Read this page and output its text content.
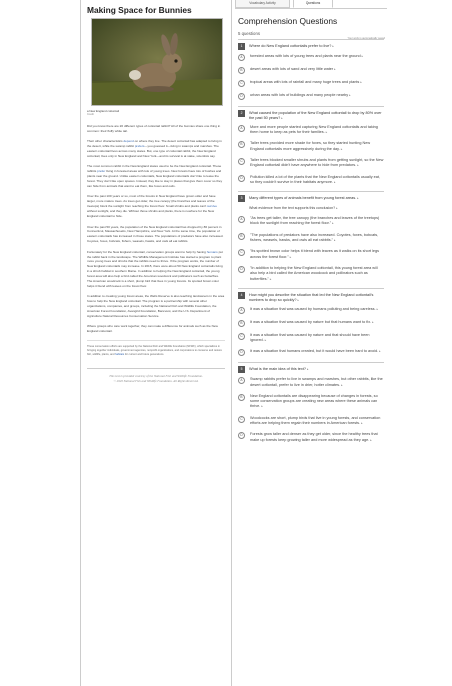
Making Space for Bunnies
a New England cottontail
Credit

Did you know there are 20 different types of cottontail rabbit? All of the bunnies share one thing in common: their fluffy white tail.

Their other characteristics depend on where they live. The desert cottontail has adapted to living in the desert, while the swamp rabbit prefers—you guessed it—living in swamps and marshes. The eastern cottontail lives across many states. But, one type of cottontail rabbit, the New England cottontail, lives only in New England and New York—and its survival is at stake, scientists say.

The most common rabbit in the New England states used to be the New England cottontail. These rabbits prefer living in forested areas with lots of young trees. New forests have lots of bushes and plants near the ground. Unlike eastern cottontails, New England cottontails don't like to leave the forest. They don't like open spaces. Instead, they like to stay in places that give them cover so they can hide from animals that want to eat them, like foxes and owls.

Over the past 100 years or so, most of the forests in New England have grown older and have larger, more mature trees. As trees get older, the tree canopy (the branches and leaves of the treetops) block the sunlight from reaching the forest floor. Small shrubs and plants can't survive without sunlight, and they die. Without those shrubs and plants, there is nowhere for the New England cottontail to hide.

Over the past 50 years, the population of the New England cottontail has dropped by 86 percent in Connecticut, Massachusetts, New Hampshire, and New York. At the same time, the population of eastern cottontails has increased in those states. The populations of predators have also increased. Coyotes, foxes, bobcats, fishers, weasels, hawks, and owls all eat rabbits.

Fortunately for the New England cottontail, conservation groups want to help by having humans put the rabbit back in the landscape. The Wildlife Management Institute has started a program to plant more young trees and shrubs that the rabbits need to thrive. If the program works, the number of New England cottontails may increase. In 2015, there were about 50 New England cottontails living in a shrub habitat in southern Maine. In addition to helping the New England cottontail, the young forest area will also help a bird called the American woodcock and pollinators such as butterflies. The American woodcock is a short, plump bird that lives in young forests. Its spotted brown color helps it blend with leaves on the forest floor.

In addition to creating young forest areas, the Wells Reserve is also teaching landowners in the area how to help the New England cottontail. The program is a partnership with several other organizations, companies, and groups, including the National Fish and Wildlife Foundation, the American Forest Foundation, Avangrid Foundation, Bancvest, and the U.S. Department of Agriculture Natural Resources Conservation Service.

Where groups who care work together, they can make a difference for animals such as the New England cottontail.

These conservation efforts are supported by the National Fish and Wildlife Foundation (NFWF), which specializes in bringing together individuals, government agencies, nonprofit organizations, and corporations to conserve and restore fish, wildlife, plants, and habitats for current and future generations.

This text is provided courtesy of the National Fish and Wildlife Foundation.
© 2020 National Fish and Wildlife Foundation. All Rights Reserved.
Vocabulary Activity	Questions
Comprehension Questions
5 questions
Your work is automatically saved
1	Where do New England cottontails prefer to live?▸
A	forested areas with lots of young trees and plants near the ground▸
B	desert areas with lots of sand and very little water▸
C	tropical areas with lots of rainfall and many huge trees and plants▸
D	urban areas with lots of buildings and many people nearby▸
2	What caused the population of the New England cottontail to drop by 80% over the past 50 years?▸
A	More and more people started capturing New England cottontails and taking them home to keep as pets for their families.▸
B	Taller trees provided more shade for foxes, so they started hunting New England cottontails more aggressively during the day.▸
C	Taller trees blocked smaller shrubs and plants from getting sunlight, so the New England cottontail didn't have anywhere to hide from predators.▸
D	Pollution killed a lot of the plants that the New England cottontails usually eat, so they couldn't survive in their habitats anymore.▸
3	Many different types of animals benefit from young forest areas.▸
What evidence from the text supports this conclusion?▸
A	"As trees get taller, the tree canopy (the branches and leaves of the treetops) block the sunlight from reaching the forest floor."▸
B	"The populations of predators have also increased. Coyotes, foxes, bobcats, fishers, weasels, hawks, and owls all eat rabbits."▸
C	"Its spotted brown color helps it blend with leaves as it walks on its short legs across the forest floor."▸
D	"In addition to helping the New England cottontail, this young forest area will also help a bird called the American woodcock and pollinators such as butterflies."▸
4	How might you describe the situation that led the New England cottontail's numbers to drop so quickly?▸
A	It was a situation that was caused by humans polluting and being careless.▸
B	It was a situation that was caused by nature but that humans want to fix.▸
C	It was a situation that was caused by nature and that should have been ignored.▸
D	It was a situation that humans created, but it would have been hard to avoid.▸
5	What is the main idea of this text?▸
A	Swamp rabbits prefer to live in swamps and marshes, but other rabbits, like the desert cottontail, prefer to live in drier, hotter climates.▸
B	New England cottontails are disappearing because of changes in forests, so some conservation groups are creating new areas where these animals can thrive.▸
C	Woodcocks are short, plump birds that live in young forests, and conservation efforts are helping them regain their numbers in American forests.▸
D	Forests grow taller and denser as they get older, since the healthy trees that make up forests keep growing taller and more widespread as they age.▸
